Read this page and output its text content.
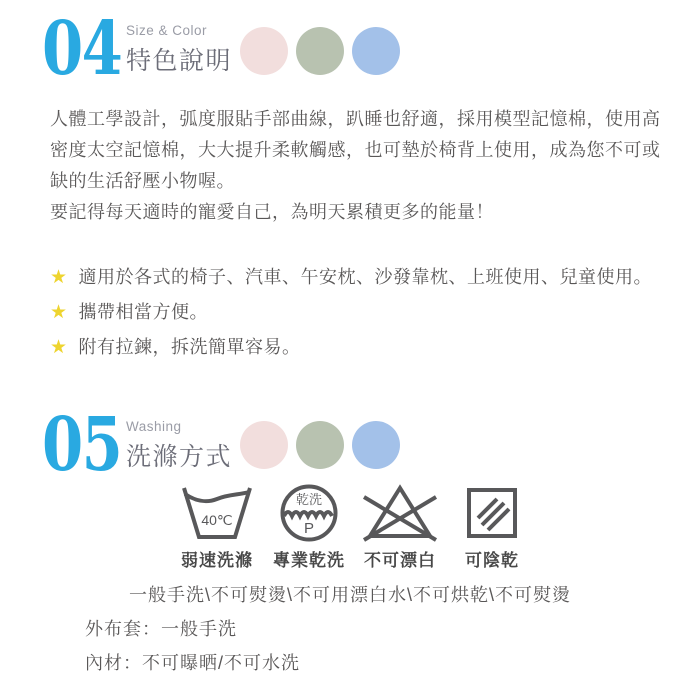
04 Size & Color
特色說明
人體工學設計，弧度服貼手部曲線，趴睡也舒適，採用模型記憶棉，使用高
密度太空記憶棉，大大提升柔軟觸感，也可墊於椅背上使用，成為您不可或
缺的生活舒壓小物喔。
要記得每天適時的寵愛自己，為明天累積更多的能量！
★ 適用於各式的椅子、汽車、午安枕、沙發靠枕、上班使用、兒童使用。
★ 攜帶相當方便。
★ 附有拉鍊，拆洗簡單容易。
05 Washing
洗滌方式
40℃
弱速洗滌
乾洗
P
專業乾洗	不可漂白	可陰乾
一般手洗\不可熨燙\不可用漂白水\不可烘乾\不可熨燙
外布套：一般手洗
內材：不可曝晒/不可水洗
